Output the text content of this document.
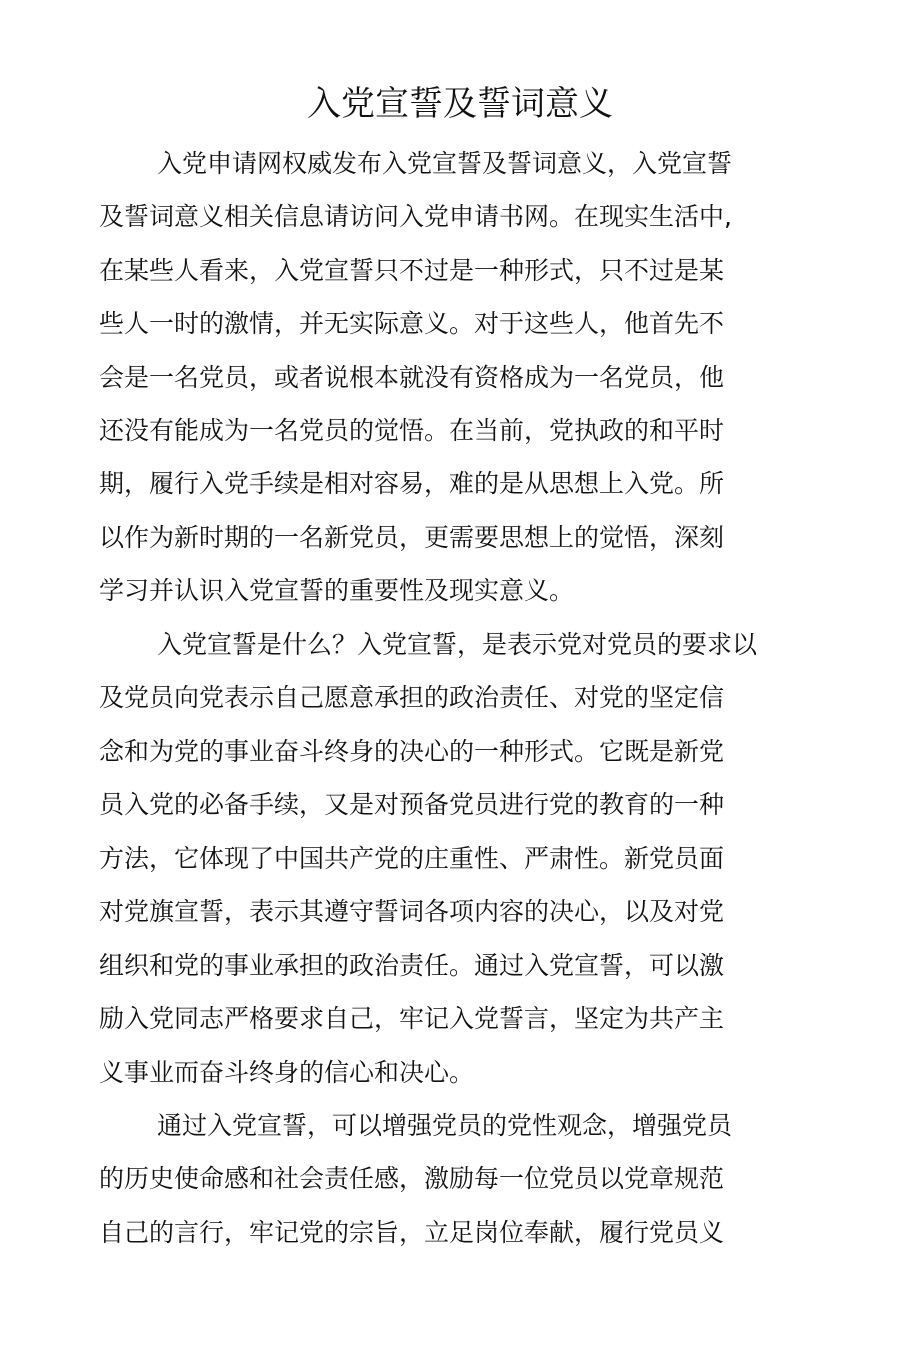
入党宣誓及誓词意义

入党申请网权威发布入党宣誓及誓词意义，入党宣誓

及誓词意义相关信息请访问入党申请书网。在现实生活中,

在某些人看来，入党宣誓只不过是一种形式，只不过是某

些人一时的激情，并无实际意义。对于这些人，他首先不

会是一名党员，或者说根本就没有资格成为一名党员，他

还没有能成为一名党员的觉悟。在当前，党执政的和平时

期，履行入党手续是相对容易，难的是从思想上入党。所

以作为新时期的一名新党员，更需要思想上的觉悟，深刻

学习并认识入党宣誓的重要性及现实意义。

入党宣誓是什么？入党宣誓，是表示党对党员的要求以

及党员向党表示自己愿意承担的政治责任、对党的坚定信

念和为党的事业奋斗终身的决心的一种形式。它既是新党

员入党的必备手续，又是对预备党员进行党的教育的一种

方法，它体现了中国共产党的庄重性、严肃性。新党员面

对党旗宣誓，表示其遵守誓词各项内容的决心，以及对党

组织和党的事业承担的政治责任。通过入党宣誓，可以激

励入党同志严格要求自己，牢记入党誓言，坚定为共产主

义事业而奋斗终身的信心和决心。

通过入党宣誓，可以增强党员的党性观念，增强党员

的历史使命感和社会责任感，激励每一位党员以党章规范

自己的言行，牢记党的宗旨，立足岗位奉献，履行党员义
